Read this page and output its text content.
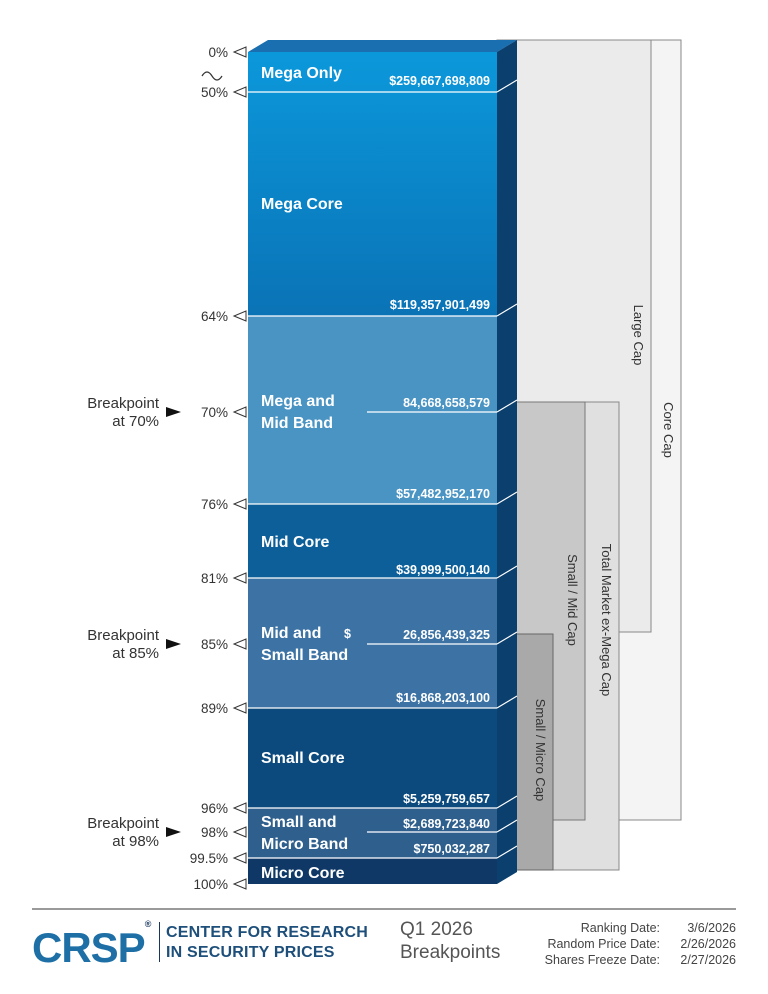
Core Cap
Large Cap
Total Market ex-Mega Cap
Small / Mid Cap
Small / Micro Cap
Mega Only
Mega Core
Mega and
Mid Band
Mid Core
Mid and
Small Band
Small Core
Small and
Micro Band
Micro Core
$259,667,698,809
$119,357,901,499
$57,482,952,170
84,668,658,579
$39,999,500,140
$16,868,203,100
26,856,439,325
$
$5,259,759,657
$750,032,287
$2,689,723,840
0%
50%
64%
70%
76%
81%
85%
89%
96%
98%
99.5%
100%
Breakpoint
at 70%
Breakpoint
at 85%
Breakpoint
at 98%
CRSP® CENTER FOR RESEARCH
IN SECURITY PRICES
Q1 2026
Breakpoints
Ranking Date:	3/6/2026
Random Price Date:	2/26/2026
Shares Freeze Date:	2/27/2026
